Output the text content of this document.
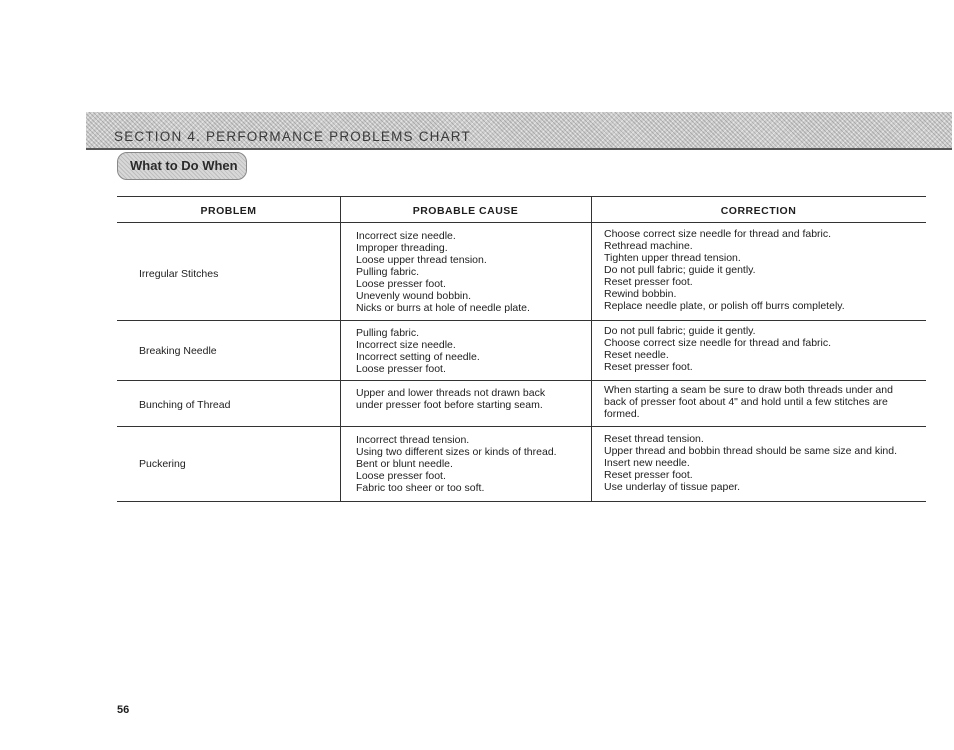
SECTION 4. PERFORMANCE PROBLEMS CHART
What to Do When
PROBLEM	PROBABLE CAUSE	CORRECTION
Irregular Stitches
Incorrect size needle.
Improper threading.
Loose upper thread tension.
Pulling fabric.
Loose presser foot.
Unevenly wound bobbin.
Nicks or burrs at hole of needle plate.
Choose correct size needle for thread and fabric.
Rethread machine.
Tighten upper thread tension.
Do not pull fabric; guide it gently.
Reset presser foot.
Rewind bobbin.
Replace needle plate, or polish off burrs completely.
Breaking Needle
Pulling fabric.
Incorrect size needle.
Incorrect setting of needle.
Loose presser foot.
Do not pull fabric; guide it gently.
Choose correct size needle for thread and fabric.
Reset needle.
Reset presser foot.
Bunching of Thread
Upper and lower threads not drawn back
under presser foot before starting seam.
When starting a seam be sure to draw both threads under and back of presser foot about 4" and hold until a few stitches are formed.
Puckering
Incorrect thread tension.
Using two different sizes or kinds of thread.
Bent or blunt needle.
Loose presser foot.
Fabric too sheer or too soft.
Reset thread tension.
Upper thread and bobbin thread should be same size and kind.
Insert new needle.
Reset presser foot.
Use underlay of tissue paper.
56
